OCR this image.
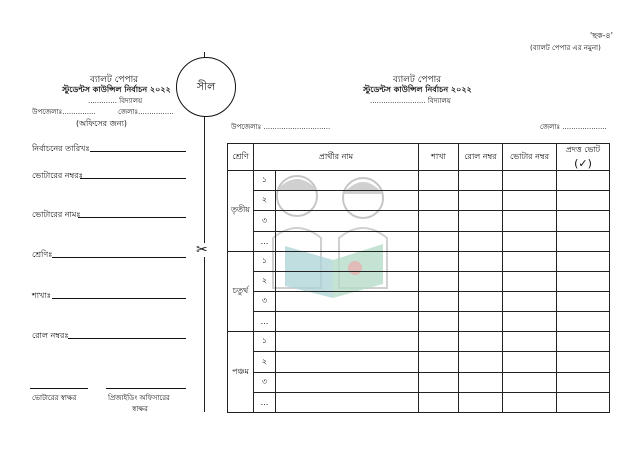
'ছক-৪'
(ব্যালট পেপার এর নমুনা)
ব্যালট পেপার
স্টুডেন্টস কাউন্সিল নির্বাচন ২০২২
............. বিদ্যালয়
উপজেলাঃ...............	জেলাঃ................
(অফিসের জন্য)
নির্বাচনের তারিখঃ
ভোটারের নম্বরঃ
ভোটারের নামঃ
শ্রেণিঃ
শাখাঃ
রোল নম্বরঃ
ভোটারের স্বাক্ষর	প্রিজাইডিং অফিসারের
স্বাক্ষর
সীল
✂
ব্যালট পেপার
স্টুডেন্টস কাউন্সিল নির্বাচন ২০২২
......................... বিদ্যালয়
উপজেলাঃ ..............................	জেলাঃ ....................
শ্রেণি	প্রার্থীর নাম		শাখা	রোল নম্বর	ভোটার নম্বর	প্রদত্ত ভোট
(✓)
তৃতীয়	১					
	২					
	৩					
	...					
চতুর্থ	১					
	২					
	৩					
	...					
পঞ্চম	১					
	২					
	৩					
	...					
